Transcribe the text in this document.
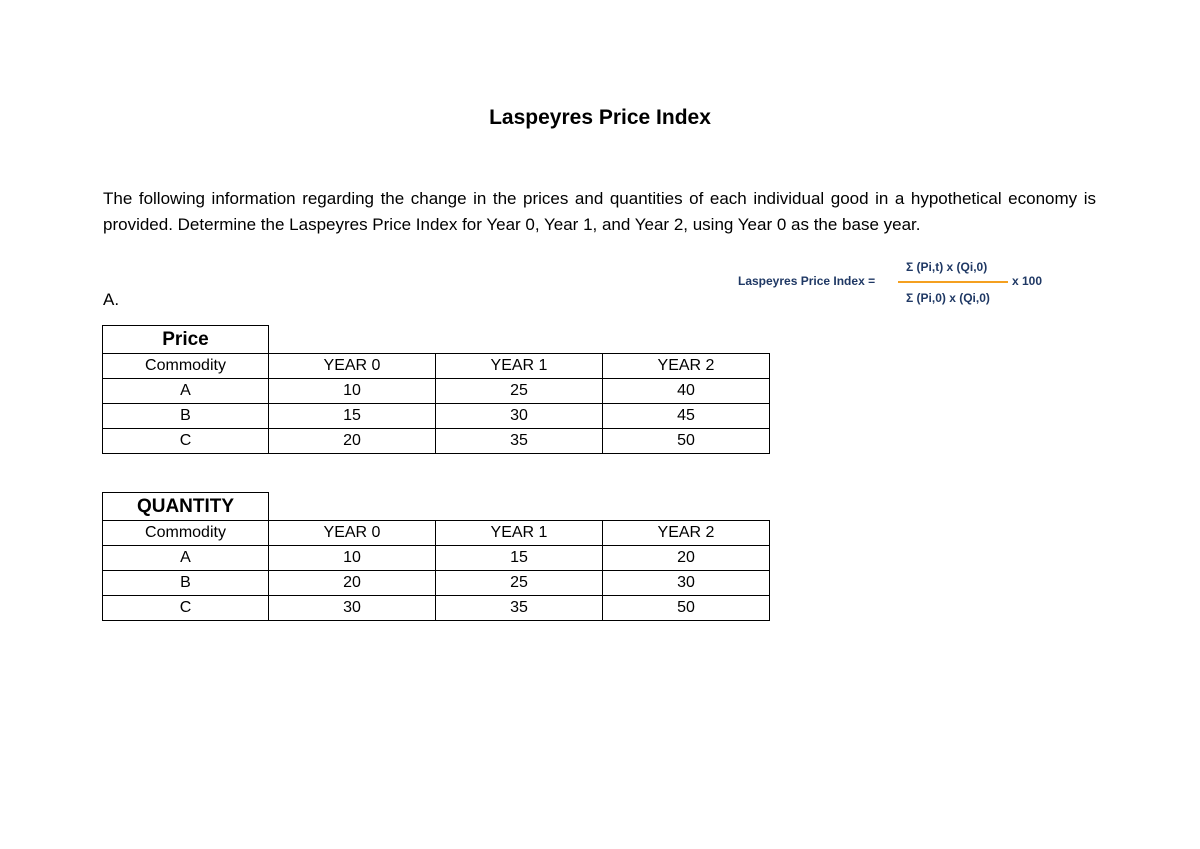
Laspeyres Price Index
The following information regarding the change in the prices and quantities of each individual good in a hypothetical economy is provided. Determine the Laspeyres Price Index for Year 0, Year 1, and Year 2, using Year 0 as the base year.
A.
Laspeyres Price Index =
Σ (Pi,t) x (Qi,0)
Σ (Pi,0) x (Qi,0)
x 100
Price			
Commodity	YEAR 0	YEAR 1	YEAR 2
A	10	25	40
B	15	30	45
C	20	35	50
QUANTITY			
Commodity	YEAR 0	YEAR 1	YEAR 2
A	10	15	20
B	20	25	30
C	30	35	50
